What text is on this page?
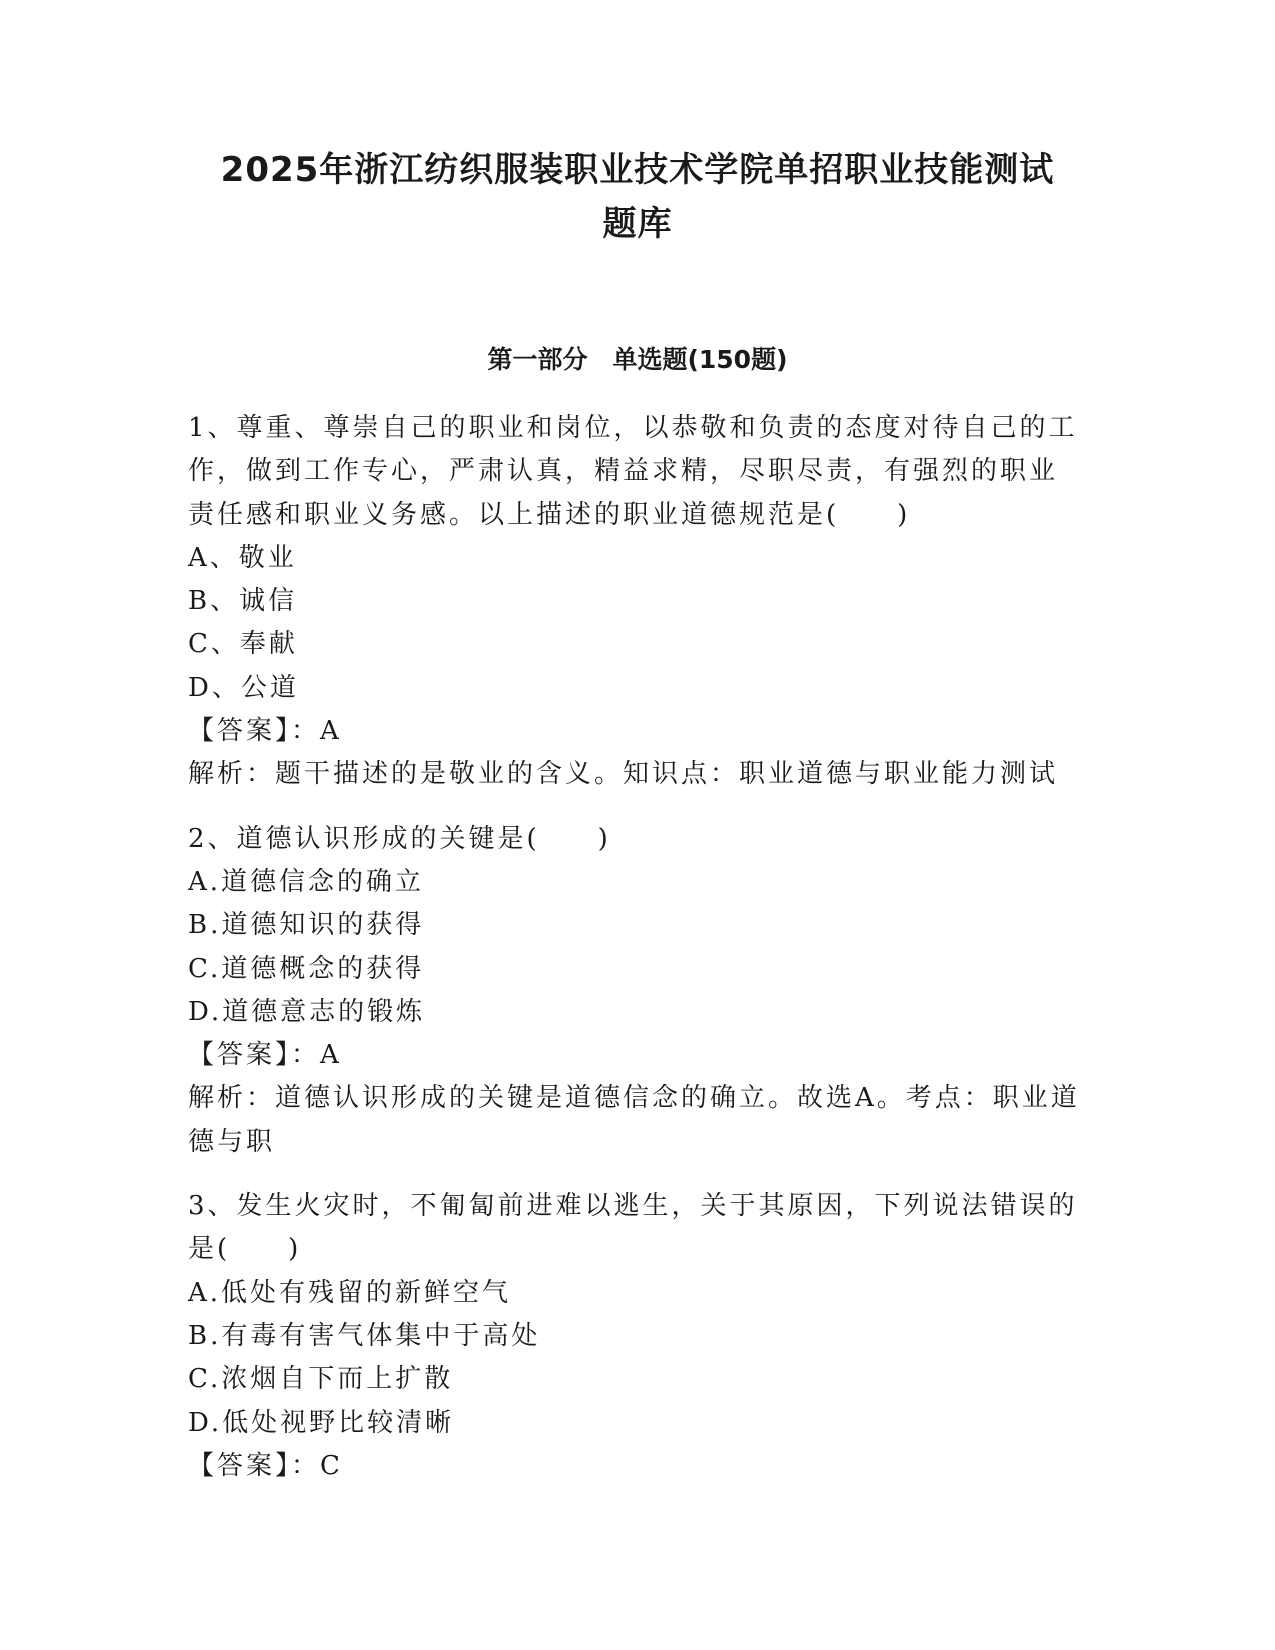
2025年浙江纺织服装职业技术学院单招职业技能测试
题库
第一部分　单选题(150题)
1、尊重、尊崇自己的职业和岗位，以恭敬和负责的态度对待自己的工
作，做到工作专心，严肃认真，精益求精，尽职尽责，有强烈的职业
责任感和职业义务感。以上描述的职业道德规范是(　　)
A、敬业
B、诚信
C、奉献
D、公道
【答案】：A
解析：题干描述的是敬业的含义。知识点：职业道德与职业能力测试
2、道德认识形成的关键是(　　)
A.道德信念的确立
B.道德知识的获得
C.道德概念的获得
D.道德意志的锻炼
【答案】：A
解析：道德认识形成的关键是道德信念的确立。故选A。考点：职业道
德与职
3、发生火灾时，不匍匐前进难以逃生，关于其原因，下列说法错误的
是(　　)
A.低处有残留的新鲜空气
B.有毒有害气体集中于高处
C.浓烟自下而上扩散
D.低处视野比较清晰
【答案】：C
